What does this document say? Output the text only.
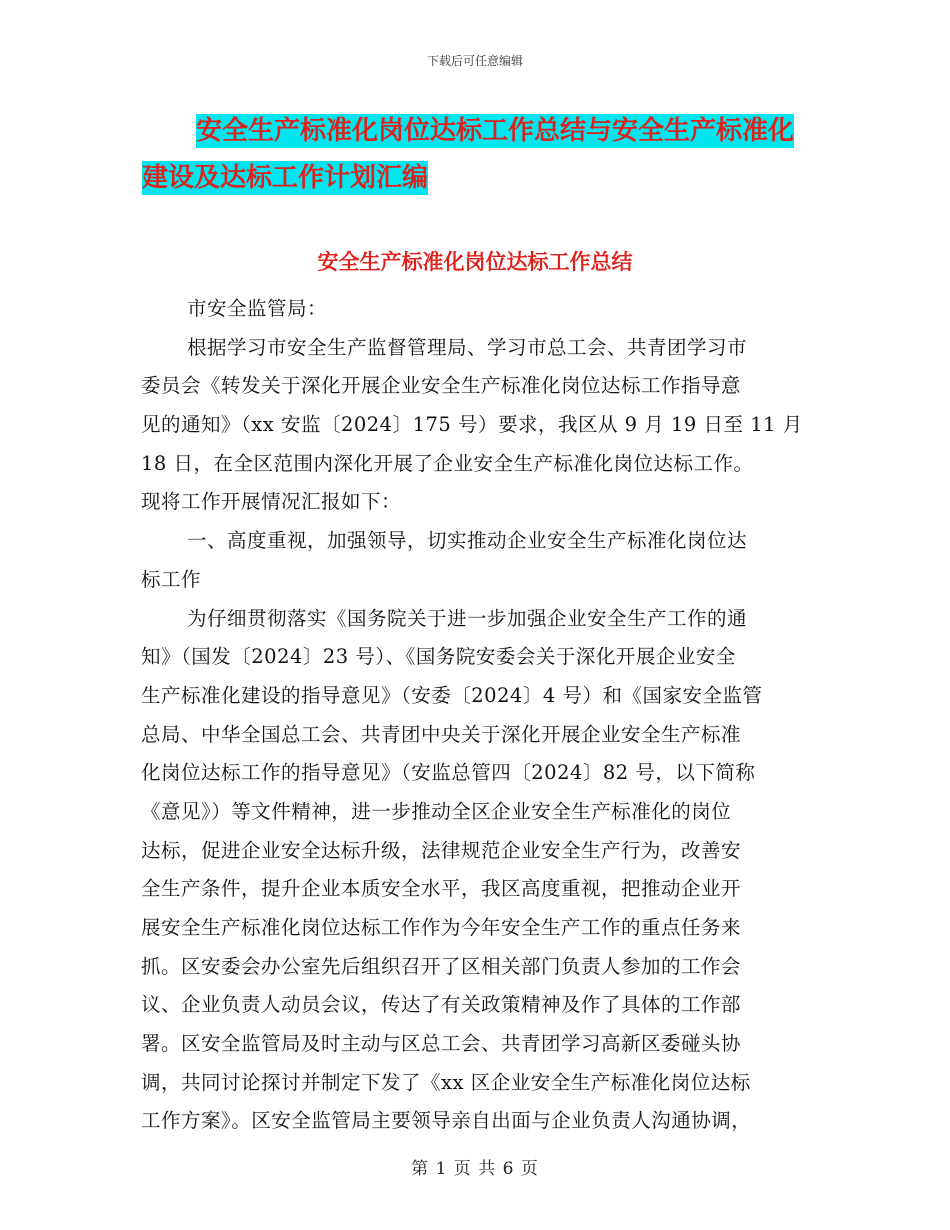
下载后可任意编辑
安全生产标准化岗位达标工作总结与安全生产标准化
建设及达标工作计划汇编
安全生产标准化岗位达标工作总结
市安全监管局：
根据学习市安全生产监督管理局、学习市总工会、共青团学习市
委员会《转发关于深化开展企业安全生产标准化岗位达标工作指导意
见的通知》（xx 安监〔2024〕175 号）要求，我区从 9 月 19 日至 11 月
18 日，在全区范围内深化开展了企业安全生产标准化岗位达标工作。
现将工作开展情况汇报如下：
一、高度重视，加强领导，切实推动企业安全生产标准化岗位达
标工作
为仔细贯彻落实《国务院关于进一步加强企业安全生产工作的通
知》（国发〔2024〕23 号）、《国务院安委会关于深化开展企业安全
生产标准化建设的指导意见》（安委〔2024〕4 号）和《国家安全监管
总局、中华全国总工会、共青团中央关于深化开展企业安全生产标准
化岗位达标工作的指导意见》（安监总管四〔2024〕82 号，以下简称
《意见》）等文件精神，进一步推动全区企业安全生产标准化的岗位
达标，促进企业安全达标升级，法律规范企业安全生产行为，改善安
全生产条件，提升企业本质安全水平，我区高度重视，把推动企业开
展安全生产标准化岗位达标工作作为今年安全生产工作的重点任务来
抓。区安委会办公室先后组织召开了区相关部门负责人参加的工作会
议、企业负责人动员会议，传达了有关政策精神及作了具体的工作部
署。区安全监管局及时主动与区总工会、共青团学习高新区委碰头协
调，共同讨论探讨并制定下发了《xx 区企业安全生产标准化岗位达标
工作方案》。区安全监管局主要领导亲自出面与企业负责人沟通协调，
第 1 页 共 6 页
